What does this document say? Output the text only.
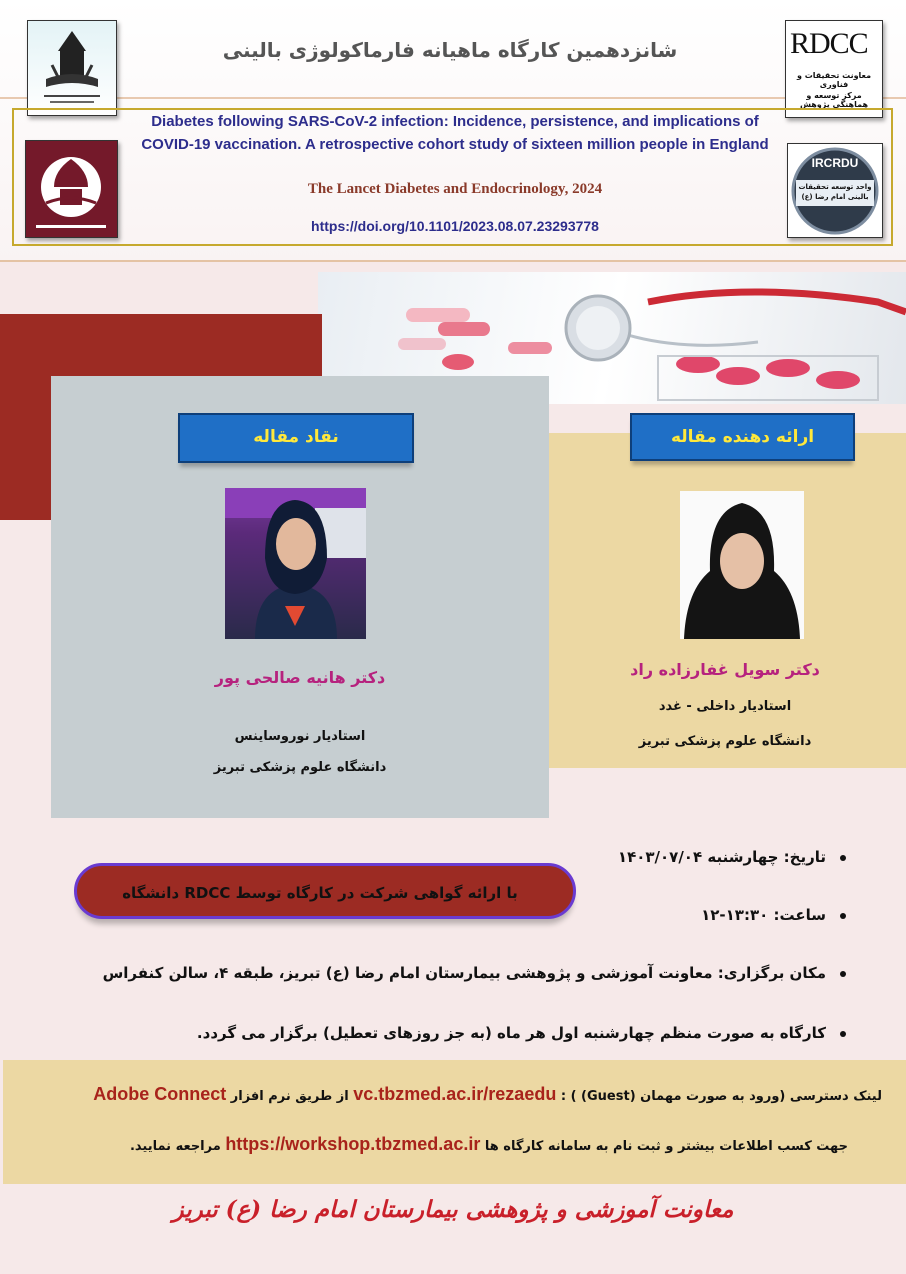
شانزدهمین کارگاه ماهیانه فارماکولوژی بالینی	RDCC
معاونت تحقیقات و فناوری
مرکز توسعه و هماهنگی پژوهش
IRCRDU
واحد توسعه تحقیقات بالینی امام رضا (ع)
Diabetes following SARS-CoV-2 infection: Incidence, persistence, and implications of COVID-19 vaccination. A retrospective cohort study of sixteen million people in England
The Lancet Diabetes and Endocrinology, 2024
https://doi.org/10.1101/2023.08.07.23293778
نقاد مقاله	ارائه دهنده مقاله
دکتر هانیه صالحی پور
استادیار نوروساینس
دانشگاه علوم پزشکی تبریز
دکتر سویل غفارزاده راد
استادیار داخلی - غدد
دانشگاه علوم پزشکی تبریز
با ارائه گواهی شرکت در کارگاه توسط RDCC دانشگاه
تاریخ: چهارشنبه ۱۴۰۳/۰۷/۰۴
ساعت: ۱۳:۳۰-۱۲
مکان برگزاری: معاونت آموزشی و پژوهشی بیمارستان امام رضا (ع) تبریز، طبقه ۴، سالن کنفراس
کارگاه به صورت منظم چهارشنبه اول هر ماه (به جز روزهای تعطیل) برگزار می گردد.
لینک دسترسی (ورود به صورت مهمان (Guest) ) : vc.tbzmed.ac.ir/rezaedu از طریق نرم افزار Adobe Connect
جهت کسب اطلاعات بیشتر و ثبت نام به سامانه کارگاه ها https://workshop.tbzmed.ac.ir مراجعه نمایید.
معاونت آموزشی و پژوهشی بیمارستان امام رضا (ع) تبریز
